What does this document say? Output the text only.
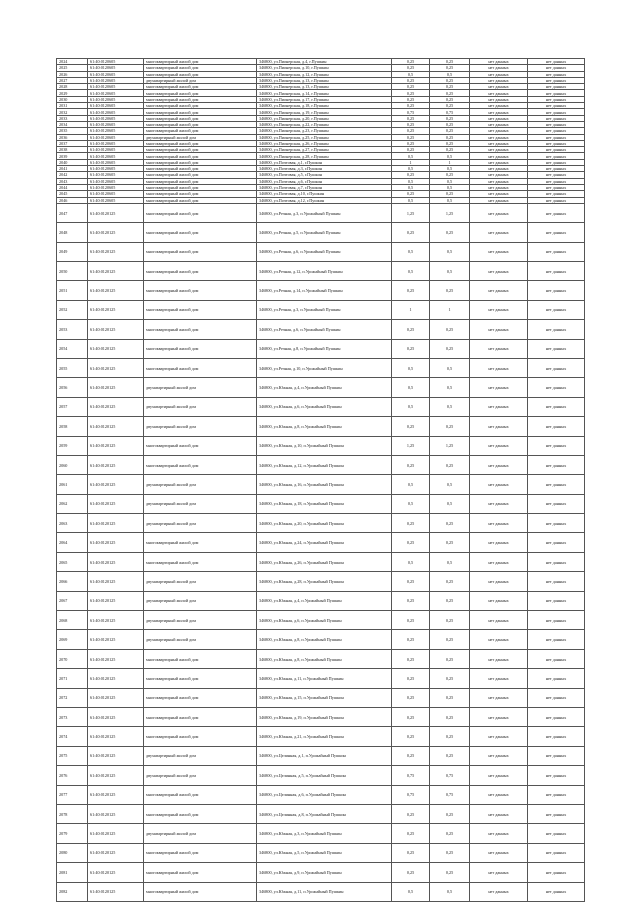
2024	61:40:0120605	многоквартирный жилой дом	346800, ул.Пионерская, д.4, г.Пушкин	0,25	0,25	нет данных	нет данных
2025	61:40:0120605	многоквартирный жилой дом	346800, ул.Пионерская, д.10, г.Пушкин	0,25	0,25	нет данных	нет данных
2026	61:40:0120605	многоквартирный жилой дом	346800, ул.Пионерская, д.12, г.Пушкин	0,5	0,5	нет данных	нет данных
2027	61:40:0120605	двухквартирный жилой дом	346800, ул.Пионерская, д.13, г.Пушкин	0,25	0,25	нет данных	нет данных
2028	61:40:0120605	многоквартирный жилой дом	346800, ул.Пионерская, д.13, г.Пушкин	0,25	0,25	нет данных	нет данных
2029	61:40:0120605	многоквартирный жилой дом	346800, ул.Пионерская, д.14, г.Пушкин	0,25	0,25	нет данных	нет данных
2030	61:40:0120605	многоквартирный жилой дом	346800, ул.Пионерская, д.17, г.Пушкин	0,25	0,25	нет данных	нет данных
2031	61:40:0120605	многоквартирный жилой дом	346800, ул.Пионерская, д.18, г.Пушкин	0,25	0,25	нет данных	нет данных
2032	61:40:0120605	многоквартирный жилой дом	346800, ул.Пионерская, д.19, г.Пушкин	0,75	0,75	нет данных	нет данных
2033	61:40:0120605	многоквартирный жилой дом	346800, ул.Пионерская, д.20, г.Пушкин	0,25	0,25	нет данных	нет данных
2034	61:40:0120605	многоквартирный жилой дом	346800, ул.Пионерская, д.22, г.Пушкин	0,25	0,25	нет данных	нет данных
2035	61:40:0120605	многоквартирный жилой дом	346800, ул.Пионерская, д.23, г.Пушкин	0,25	0,25	нет данных	нет данных
2036	61:40:0120605	двухквартирный жилой дом	346800, ул.Пионерская, д.25, г.Пушкин	0,25	0,25	нет данных	нет данных
2037	61:40:0120605	многоквартирный жилой дом	346800, ул.Пионерская, д.26, г.Пушкин	0,25	0,25	нет данных	нет данных
2038	61:40:0120605	многоквартирный жилой дом	346800, ул.Пионерская, д.27, г.Пушкин	0,25	0,25	нет данных	нет данных
2039	61:40:0120605	многоквартирный жилой дом	346800, ул.Пионерская, д.28, г.Пушкин	0,5	0,5	нет данных	нет данных
2040	61:40:0120605	многоквартирный жилой дом	346800, ул.Почтовая, д.1, г.Пушкин	1	1	нет данных	нет данных
2041	61:40:0120605	многоквартирный жилой дом	346800, ул.Почтовая, д.3, г.Пушкин	0,5	0,5	нет данных	нет данных
2042	61:40:0120605	многоквартирный жилой дом	346800, ул.Почтовая, д.5, г.Пушкин	0,25	0,25	нет данных	нет данных
2043	61:40:0120605	многоквартирный жилой дом	346800, ул.Почтовая, д.6, г.Пушкин	0,5	0,5	нет данных	нет данных
2044	61:40:0120605	многоквартирный жилой дом	346800, ул.Почтовая, д.7, г.Пушкин	0,5	0,5	нет данных	нет данных
2045	61:40:0120605	многоквартирный жилой дом	346800, ул.Почтовая, д.10, г.Пушкин	0,25	0,25	нет данных	нет данных
2046	61:40:0120605	многоквартирный жилой дом	346800, ул.Почтовая, д.12, г.Пушкин	0,5	0,5	нет данных	нет данных
2047	61:40:0120125	многоквартирный жилой дом	346800, ул.Речная, д.3, п.Урожайный Пушкин	1,25	1,25	нет данных	нет данных
2048	61:40:0120125	многоквартирный жилой дом	346800, ул.Речная, д.5, п.Урожайный Пушкин	0,25	0,25	нет данных	нет данных
2049	61:40:0120125	многоквартирный жилой дом	346800, ул.Речная, д.6, п.Урожайный Пушкин	0,5	0,5	нет данных	нет данных
2050	61:40:0120125	многоквартирный жилой дом	346800, ул.Речная, д.12, п.Урожайный Пушкин	0,5	0,5	нет данных	нет данных
2051	61:40:0120125	многоквартирный жилой дом	346800, ул.Речная, д.14, п.Урожайный Пушкин	0,25	0,25	нет данных	нет данных
2052	61:40:0120125	многоквартирный жилой дом	346800, ул.Речная, д.3, п.Урожайный Пушкин	1	1	нет данных	нет данных
2053	61:40:0120125	многоквартирный жилой дом	346800, ул.Речная, д.6, п.Урожайный Пушкин	0,25	0,25	нет данных	нет данных
2054	61:40:0120125	многоквартирный жилой дом	346800, ул.Речная, д.8, п.Урожайный Пушкин	0,25	0,25	нет данных	нет данных
2055	61:40:0120125	многоквартирный жилой дом	346800, ул.Речная, д.10, п.Урожайный Пушкин	0,5	0,5	нет данных	нет данных
2056	61:40:0120125	двухквартирный жилой дом	346800, ул.Южная, д.4, п.Урожайный Пушкин	0,5	0,5	нет данных	нет данных
2057	61:40:0120125	двухквартирный жилой дом	346800, ул.Южная, д.6, п.Урожайный Пушкин	0,5	0,5	нет данных	нет данных
2058	61:40:0120125	двухквартирный жилой дом	346800, ул.Южная, д.8, п.Урожайный Пушкин	0,25	0,25	нет данных	нет данных
2059	61:40:0120125	многоквартирный жилой дом	346800, ул.Южная, д.10, п.Урожайный Пушкин	1,25	1,25	нет данных	нет данных
2060	61:40:0120125	многоквартирный жилой дом	346800, ул.Южная, д.12, п.Урожайный Пушкин	0,25	0,25	нет данных	нет данных
2061	61:40:0120125	двухквартирный жилой дом	346800, ул.Южная, д.16, п.Урожайный Пушкин	0,5	0,5	нет данных	нет данных
2062	61:40:0120125	двухквартирный жилой дом	346800, ул.Южная, д.18, п.Урожайный Пушкин	0,5	0,5	нет данных	нет данных
2063	61:40:0120125	двухквартирный жилой дом	346800, ул.Южная, д.20, п.Урожайный Пушкин	0,25	0,25	нет данных	нет данных
2064	61:40:0120125	многоквартирный жилой дом	346800, ул.Южная, д.24, п.Урожайный Пушкин	0,25	0,25	нет данных	нет данных
2065	61:40:0120125	многоквартирный жилой дом	346800, ул.Южная, д.26, п.Урожайный Пушкин	0,5	0,5	нет данных	нет данных
2066	61:40:0120125	двухквартирный жилой дом	346800, ул.Южная, д.28, п.Урожайный Пушкин	0,25	0,25	нет данных	нет данных
2067	61:40:0120125	двухквартирный жилой дом	346800, ул.Южная, д.4, п.Урожайный Пушкин	0,25	0,25	нет данных	нет данных
2068	61:40:0120125	двухквартирный жилой дом	346800, ул.Южная, д.6, п.Урожайный Пушкин	0,25	0,25	нет данных	нет данных
2069	61:40:0120125	двухквартирный жилой дом	346800, ул.Южная, д.8, п.Урожайный Пушкин	0,25	0,25	нет данных	нет данных
2070	61:40:0120125	многоквартирный жилой дом	346800, ул.Южная, д.8, п.Урожайный Пушкин	0,25	0,25	нет данных	нет данных
2071	61:40:0120125	многоквартирный жилой дом	346800, ул.Южная, д.11, п.Урожайный Пушкин	0,25	0,25	нет данных	нет данных
2072	61:40:0120125	многоквартирный жилой дом	346800, ул.Южная, д.15, п.Урожайный Пушкин	0,25	0,25	нет данных	нет данных
2073	61:40:0120125	многоквартирный жилой дом	346800, ул.Южная, д.19, п.Урожайный Пушкин	0,25	0,25	нет данных	нет данных
2074	61:40:0120125	многоквартирный жилой дом	346800, ул.Южная, д.21, п.Урожайный Пушкин	0,25	0,25	нет данных	нет данных
2075	61:40:0120125	двухквартирный жилой дом	346800, ул.Целинная, д.1, п.Урожайный Пушкин	0,25	0,25	нет данных	нет данных
2076	61:40:0120125	двухквартирный жилой дом	346800, ул.Целинная, д.5, п.Урожайный Пушкин	0,75	0,75	нет данных	нет данных
2077	61:40:0120125	многоквартирный жилой дом	346800, ул.Целинная, д.6, п.Урожайный Пушкин	0,75	0,75	нет данных	нет данных
2078	61:40:0120125	многоквартирный жилой дом	346800, ул.Целинная, д.8, п.Урожайный Пушкин	0,25	0,25	нет данных	нет данных
2079	61:40:0120125	двухквартирный жилой дом	346800, ул.Южная, д.3, п.Урожайный Пушкин	0,25	0,25	нет данных	нет данных
2080	61:40:0120125	многоквартирный жилой дом	346800, ул.Южная, д.5, п.Урожайный Пушкин	0,25	0,25	нет данных	нет данных
2081	61:40:0120125	многоквартирный жилой дом	346800, ул.Южная, д.9, п.Урожайный Пушкин	0,25	0,25	нет данных	нет данных
2082	61:40:0120125	многоквартирный жилой дом	346800, ул.Южная, д.11, п.Урожайный Пушкин	0,5	0,5	нет данных	нет данных
